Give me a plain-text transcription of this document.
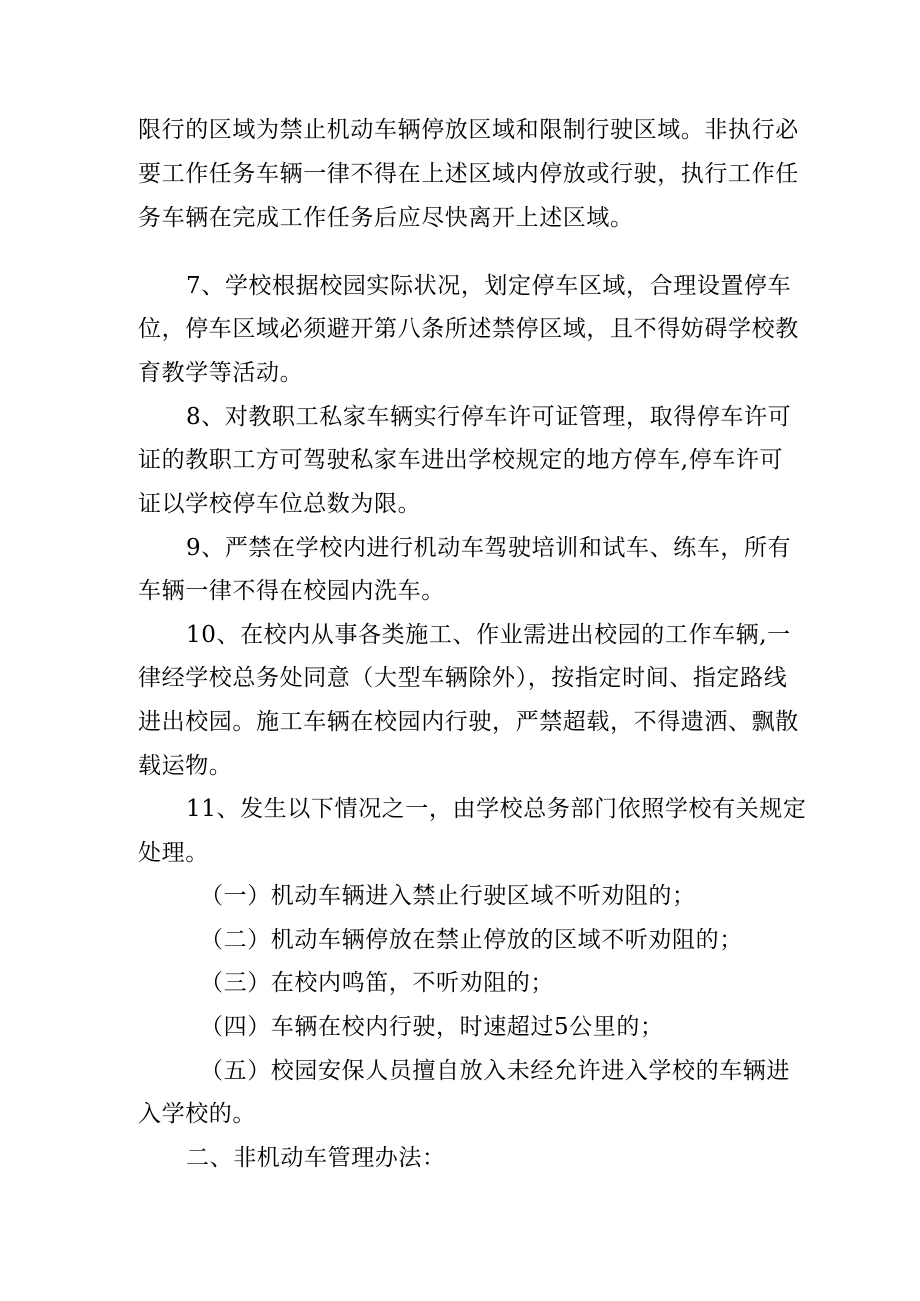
限行的区域为禁止机动车辆停放区域和限制行驶区域。非执行必
要工作任务车辆一律不得在上述区域内停放或行驶，执行工作任
务车辆在完成工作任务后应尽快离开上述区域。
7、学校根据校园实际状况，划定停车区域，合理设置停车
位，停车区域必须避开第八条所述禁停区域，且不得妨碍学校教
育教学等活动。
8、对教职工私家车辆实行停车许可证管理，取得停车许可
证的教职工方可驾驶私家车进出学校规定的地方停车,停车许可
证以学校停车位总数为限。
9、严禁在学校内进行机动车驾驶培训和试车、练车，所有
车辆一律不得在校园内洗车。
10、在校内从事各类施工、作业需进出校园的工作车辆,一
律经学校总务处同意（大型车辆除外），按指定时间、指定路线
进出校园。施工车辆在校园内行驶，严禁超载，不得遗洒、飘散
载运物。
11、发生以下情况之一，由学校总务部门依照学校有关规定
处理。
（一）机动车辆进入禁止行驶区域不听劝阻的；
（二）机动车辆停放在禁止停放的区域不听劝阻的；
（三）在校内鸣笛，不听劝阻的；
（四）车辆在校内行驶，时速超过5公里的；
（五）校园安保人员擅自放入未经允许进入学校的车辆进
入学校的。
二、非机动车管理办法：
